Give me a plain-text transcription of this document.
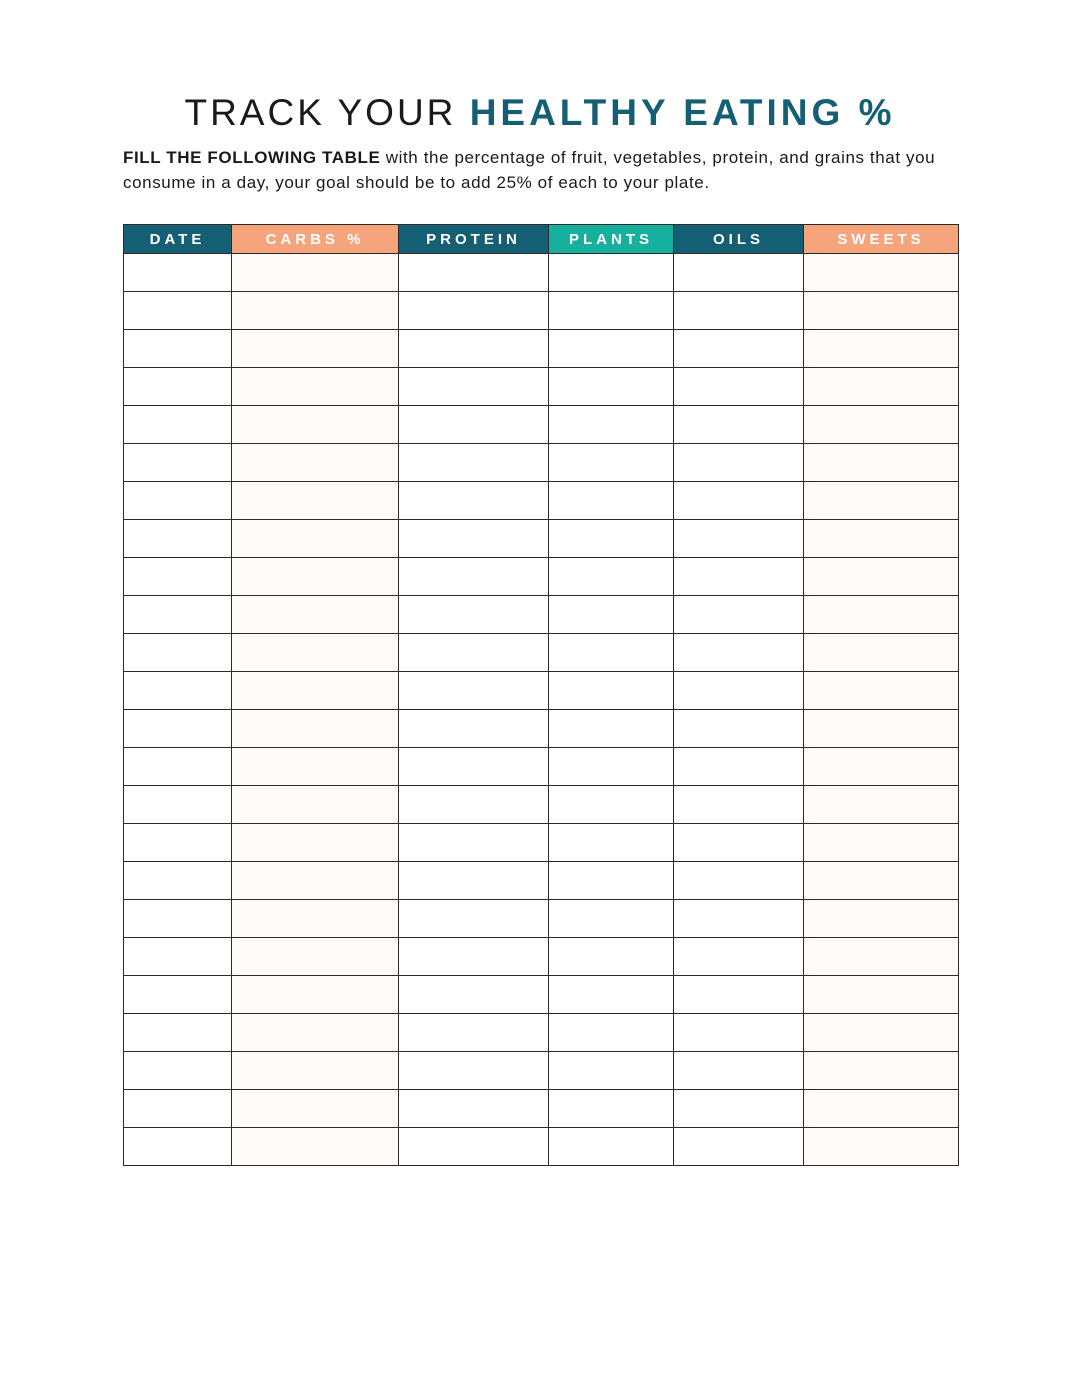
TRACK YOUR HEALTHY EATING %

FILL THE FOLLOWING TABLE with the percentage of fruit, vegetables, protein, and grains that you consume in a day, your goal should be to add 25% of each to your plate.

DATE	CARBS %	PROTEIN	PLANTS	OILS	SWEETS
